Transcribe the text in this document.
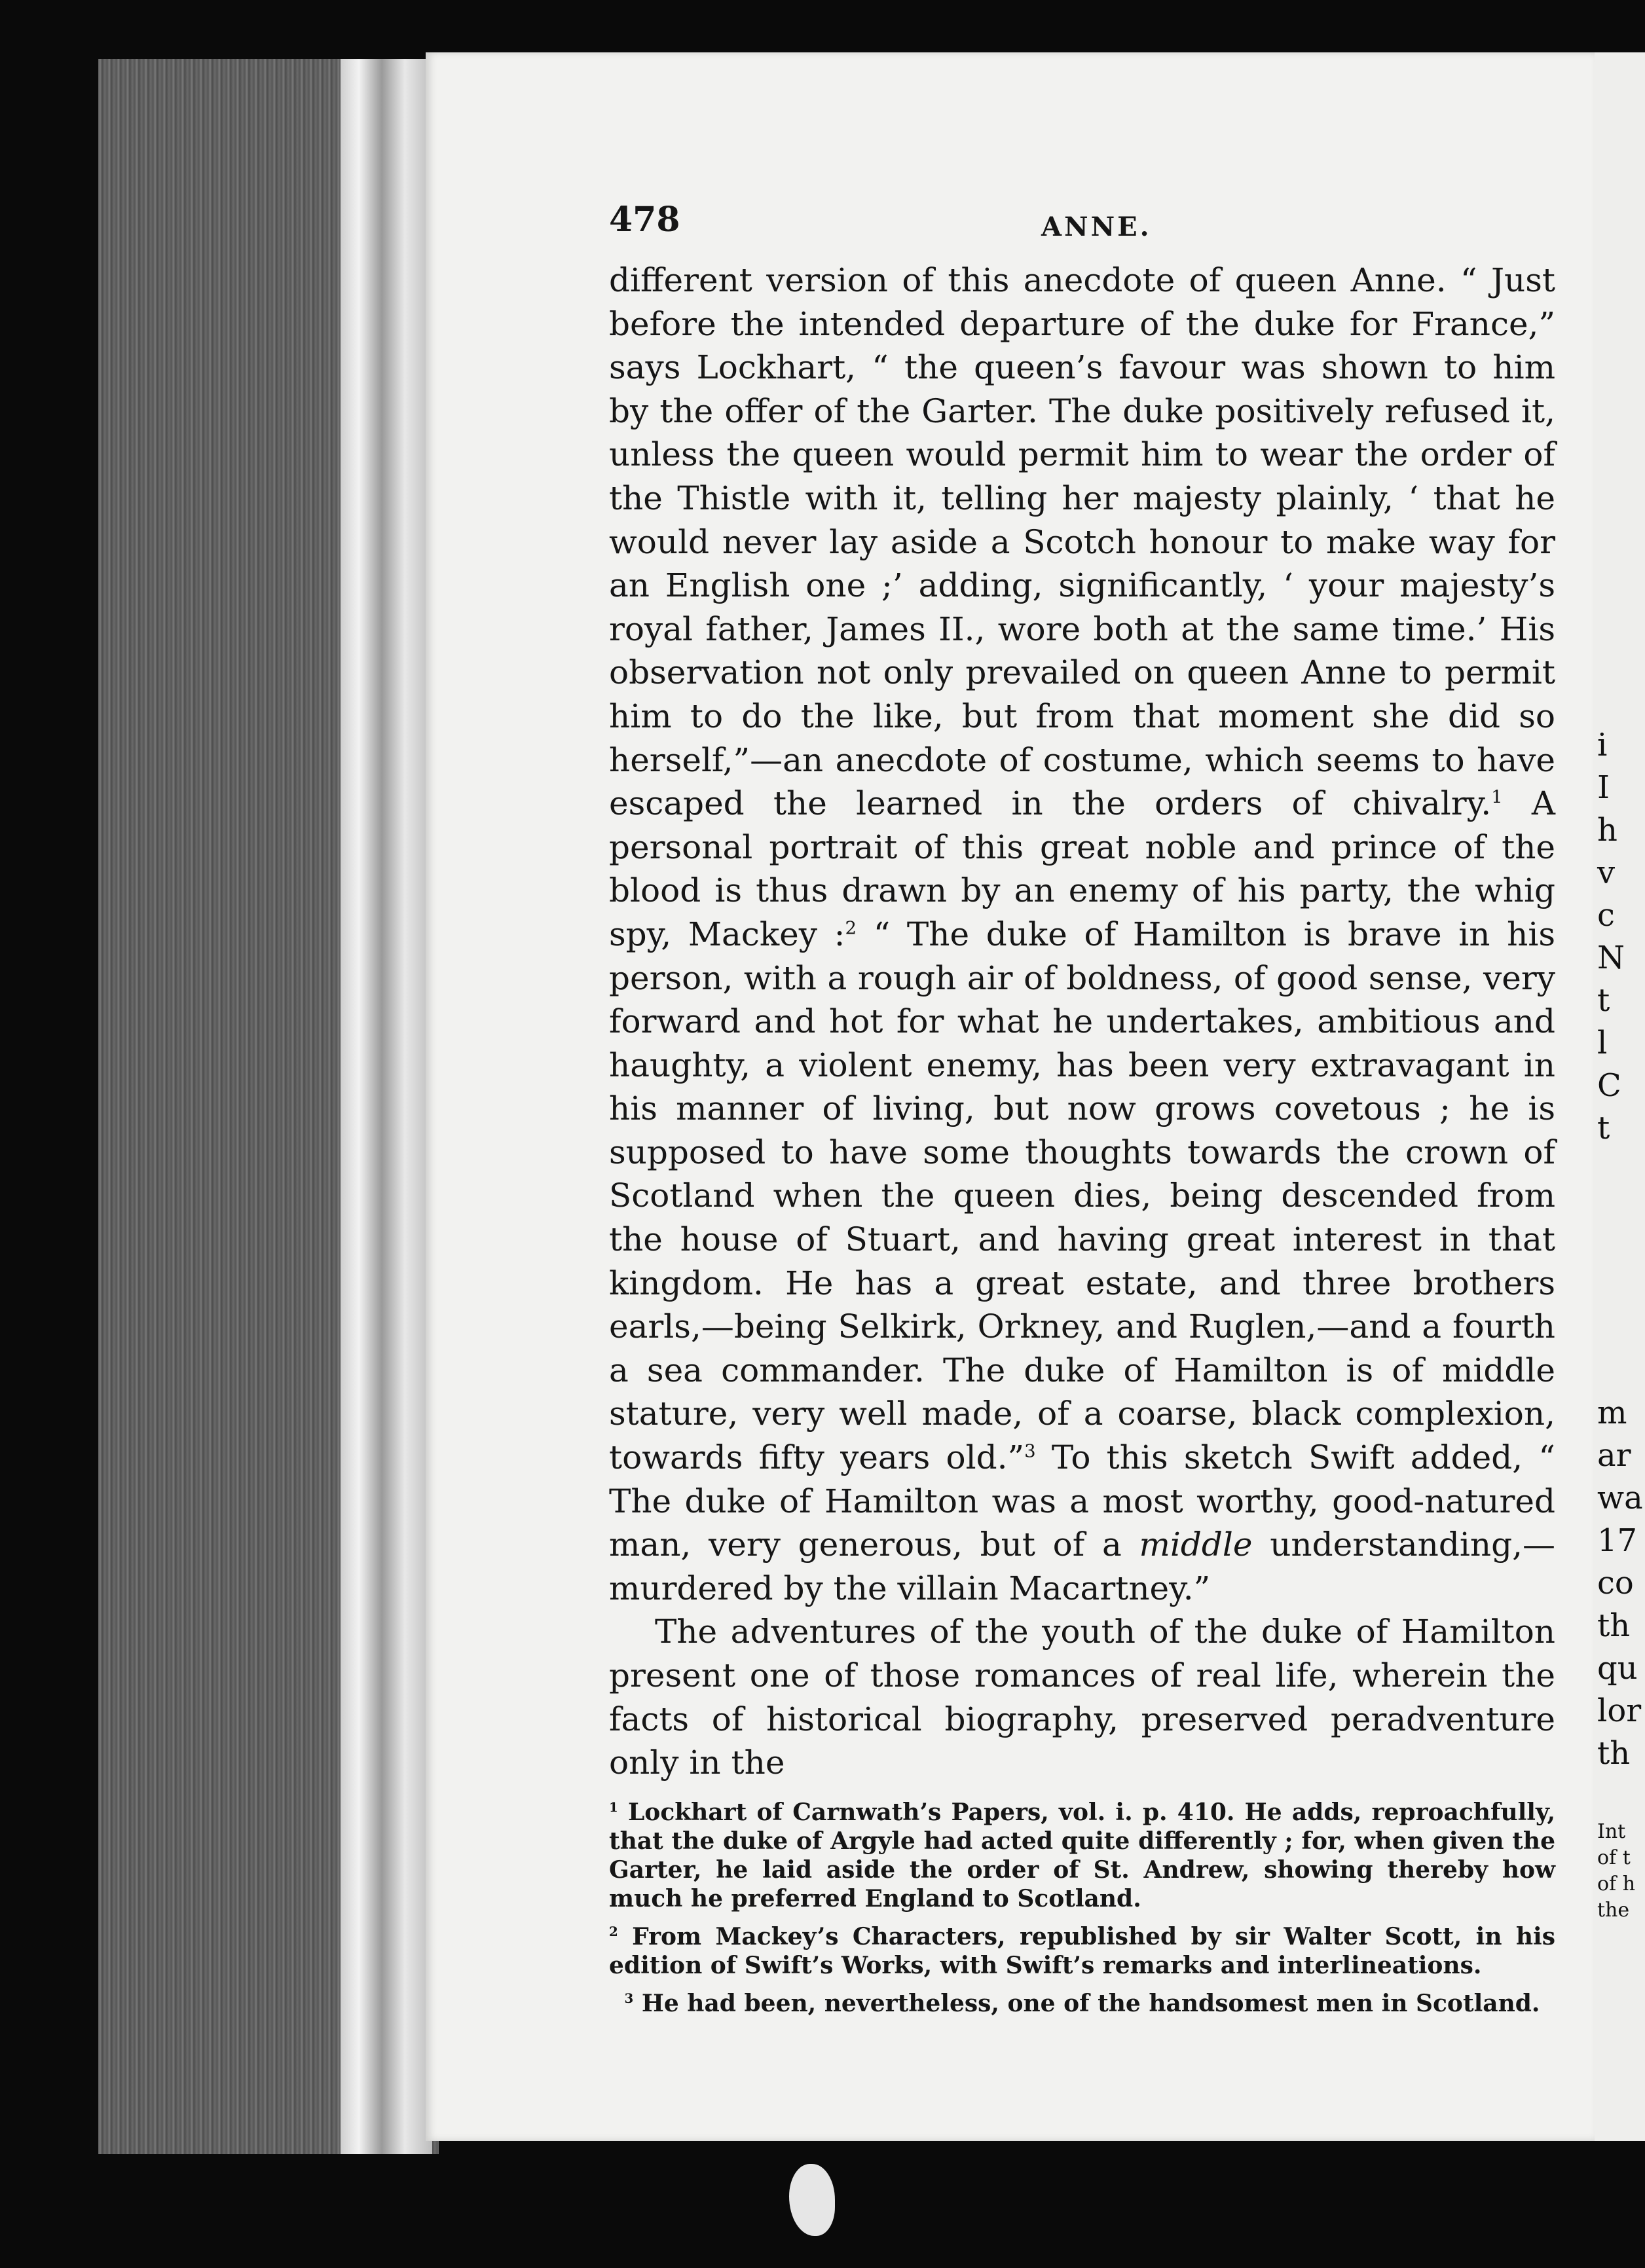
i
I
h
v
c
N
t
l
C
t
m
ar
wa
17
co
th
qu
lor
th
Int
of t
of h
the
478	ANNE.

different version of this anecdote of queen Anne. “ Just before the intended departure of the duke for France,” says Lockhart, “ the queen’s favour was shown to him by the offer of the Garter. The duke positively refused it, unless the queen would permit him to wear the order of the Thistle with it, telling her majesty plainly, ‘ that he would never lay aside a Scotch honour to make way for an English one ;’ adding, significantly, ‘ your majesty’s royal father, James II., wore both at the same time.’ His observation not only prevailed on queen Anne to permit him to do the like, but from that moment she did so herself,”—an anecdote of costume, which seems to have escaped the learned in the orders of chivalry.$^1$ A personal portrait of this great noble and prince of the blood is thus drawn by an enemy of his party, the whig spy, Mackey :$^2$ “ The duke of Hamilton is brave in his person, with a rough air of boldness, of good sense, very forward and hot for what he undertakes, ambitious and haughty, a violent enemy, has been very extravagant in his manner of living, but now grows covetous ; he is supposed to have some thoughts towards the crown of Scotland when the queen dies, being descended from the house of Stuart, and having great interest in that kingdom. He has a great estate, and three brothers earls,—being Selkirk, Orkney, and Ruglen,—and a fourth a sea commander. The duke of Hamilton is of middle stature, very well made, of a coarse, black complexion, towards fifty years old.”$^3$ To this sketch Swift added, “ The duke of Hamilton was a most worthy, good-natured man, very generous, but of a middle understanding,—murdered by the villain Macartney.”

The adventures of the youth of the duke of Hamilton present one of those romances of real life, wherein the facts of historical biography, preserved peradventure only in the

$^1$ Lockhart of Carnwath’s Papers, vol. i. p. 410. He adds, reproachfully, that the duke of Argyle had acted quite differently ; for, when given the Garter, he laid aside the order of St. Andrew, showing thereby how much he preferred England to Scotland.

$^2$ From Mackey’s Characters, republished by sir Walter Scott, in his edition of Swift’s Works, with Swift’s remarks and interlineations.

$^3$ He had been, nevertheless, one of the handsomest men in Scotland.
